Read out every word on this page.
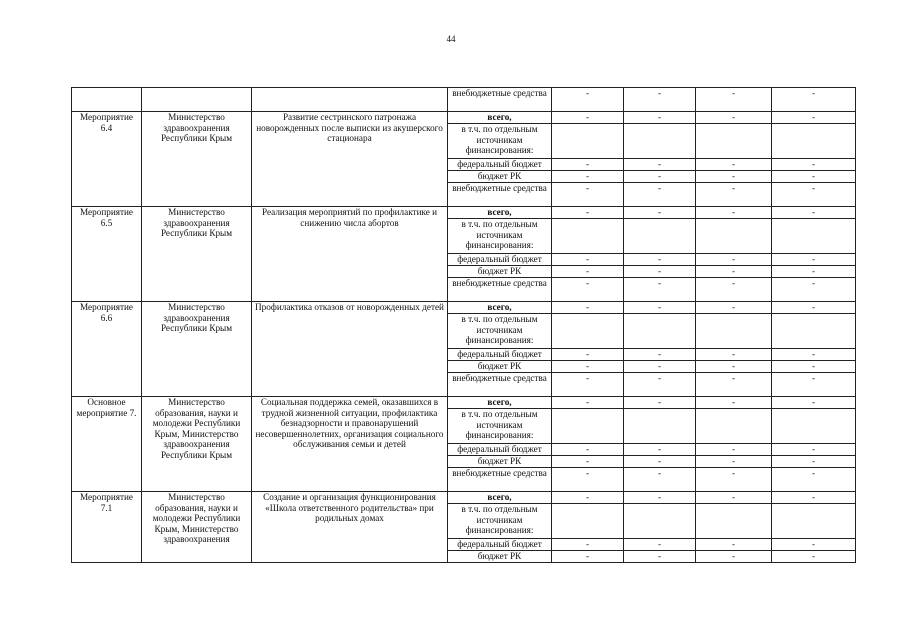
44
			внебюджетные средства	-	-	-	-
Мероприятие 6.4	Министерство здравоохранения Республики Крым	Развитие сестринского патронажа новорожденных после выписки из акушерского стационара	всего,	-	-	-	-
			в т.ч. по отдельным источникам финансирования:				
			федеральный бюджет	-	-	-	-
			бюджет РК	-	-	-	-
			внебюджетные средства	-	-	-	-
Мероприятие 6.5	Министерство здравоохранения Республики Крым	Реализация мероприятий по профилактике и снижению числа абортов	всего,	-	-	-	-
			в т.ч. по отдельным источникам финансирования:				
			федеральный бюджет	-	-	-	-
			бюджет РК	-	-	-	-
			внебюджетные средства	-	-	-	-
Мероприятие 6.6	Министерство здравоохранения Республики Крым	Профилактика отказов от новорожденных детей	всего,	-	-	-	-
			в т.ч. по отдельным источникам финансирования:				
			федеральный бюджет	-	-	-	-
			бюджет РК	-	-	-	-
			внебюджетные средства	-	-	-	-
Основное мероприятие 7.	Министерство образования, науки и молодежи Республики Крым, Министерство здравоохранения Республики Крым	Социальная поддержка семей, оказавшихся в трудной жизненной ситуации, профилактика безнадзорности и правонарушений несовершеннолетних, организация социального обслуживания семьи и детей	всего,	-	-	-	-
			в т.ч. по отдельным источникам финансирования:				
			федеральный бюджет	-	-	-	-
			бюджет РК	-	-	-	-
			внебюджетные средства	-	-	-	-
Мероприятие 7.1	Министерство образования, науки и молодежи Республики Крым, Министерство здравоохранения	Создание и организация функционирования «Школа ответственного родительства» при родильных домах	всего,	-	-	-	-
			в т.ч. по отдельным источникам финансирования:				
			федеральный бюджет	-	-	-	-
			бюджет РК	-	-	-	-
